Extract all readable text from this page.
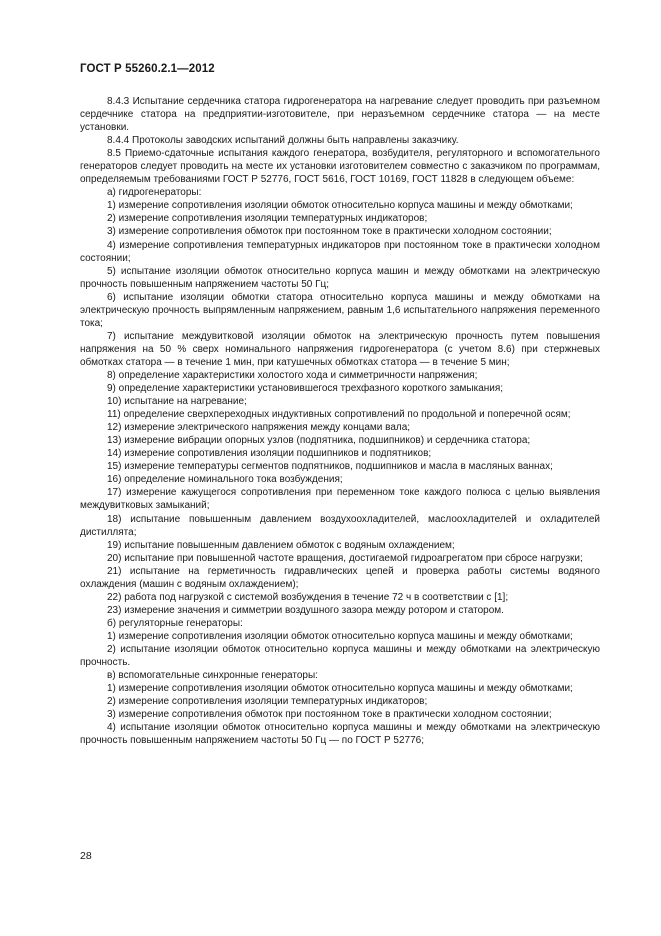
ГОСТ Р 55260.2.1—2012

8.4.3 Испытание сердечника статора гидрогенератора на нагревание следует проводить при разъемном сердечнике статора на предприятии-изготовителе, при неразъемном сердечнике статора — на месте установки.

8.4.4 Протоколы заводских испытаний должны быть направлены заказчику.

8.5 Приемо-сдаточные испытания каждого генератора, возбудителя, регуляторного и вспомогательного генераторов следует проводить на месте их установки изготовителем совместно с заказчиком по программам, определяемым требованиями ГОСТ Р 52776, ГОСТ 5616, ГОСТ 10169, ГОСТ 11828 в следующем объеме:

а) гидрогенераторы:

1) измерение сопротивления изоляции обмоток относительно корпуса машины и между обмотками;

2) измерение сопротивления изоляции температурных индикаторов;

3) измерение сопротивления обмоток при постоянном токе в практически холодном состоянии;

4) измерение сопротивления температурных индикаторов при постоянном токе в практически холодном состоянии;

5) испытание изоляции обмоток относительно корпуса машин и между обмотками на электрическую прочность повышенным напряжением частоты 50 Гц;

6) испытание изоляции обмотки статора относительно корпуса машины и между обмотками на электрическую прочность выпрямленным напряжением, равным 1,6 испытательного напряжения переменного тока;

7) испытание междувитковой изоляции обмоток на электрическую прочность путем повышения напряжения на 50 % сверх номинального напряжения гидрогенератора (с учетом 8.6) при стержневых обмотках статора — в течение 1 мин, при катушечных обмотках статора — в течение 5 мин;

8) определение характеристики холостого хода и симметричности напряжения;

9) определение характеристики установившегося трехфазного короткого замыкания;

10) испытание на нагревание;

11) определение сверхпереходных индуктивных сопротивлений по продольной и поперечной осям;

12) измерение электрического напряжения между концами вала;

13) измерение вибрации опорных узлов (подпятника, подшипников) и сердечника статора;

14) измерение сопротивления изоляции подшипников и подпятников;

15) измерение температуры сегментов подпятников, подшипников и масла в масляных ваннах;

16) определение номинального тока возбуждения;

17) измерение кажущегося сопротивления при переменном токе каждого полюса с целью выявления междувитковых замыканий;

18) испытание повышенным давлением воздухоохладителей, маслоохладителей и охладителей дистиллята;

19) испытание повышенным давлением обмоток с водяным охлаждением;

20) испытание при повышенной частоте вращения, достигаемой гидроагрегатом при сбросе нагрузки;

21) испытание на герметичность гидравлических цепей и проверка работы системы водяного охлаждения (машин с водяным охлаждением);

22) работа под нагрузкой с системой возбуждения в течение 72 ч в соответствии с [1];

23) измерение значения и симметрии воздушного зазора между ротором и статором.

б) регуляторные генераторы:

1) измерение сопротивления изоляции обмоток относительно корпуса машины и между обмотками;

2) испытание изоляции обмоток относительно корпуса машины и между обмотками на электрическую прочность.

в) вспомогательные синхронные генераторы:

1) измерение сопротивления изоляции обмоток относительно корпуса машины и между обмотками;

2) измерение сопротивления изоляции температурных индикаторов;

3) измерение сопротивления обмоток при постоянном токе в практически холодном состоянии;

4) испытание изоляции обмоток относительно корпуса машины и между обмотками на электрическую прочность повышенным напряжением частоты 50 Гц — по ГОСТ Р 52776;

28
